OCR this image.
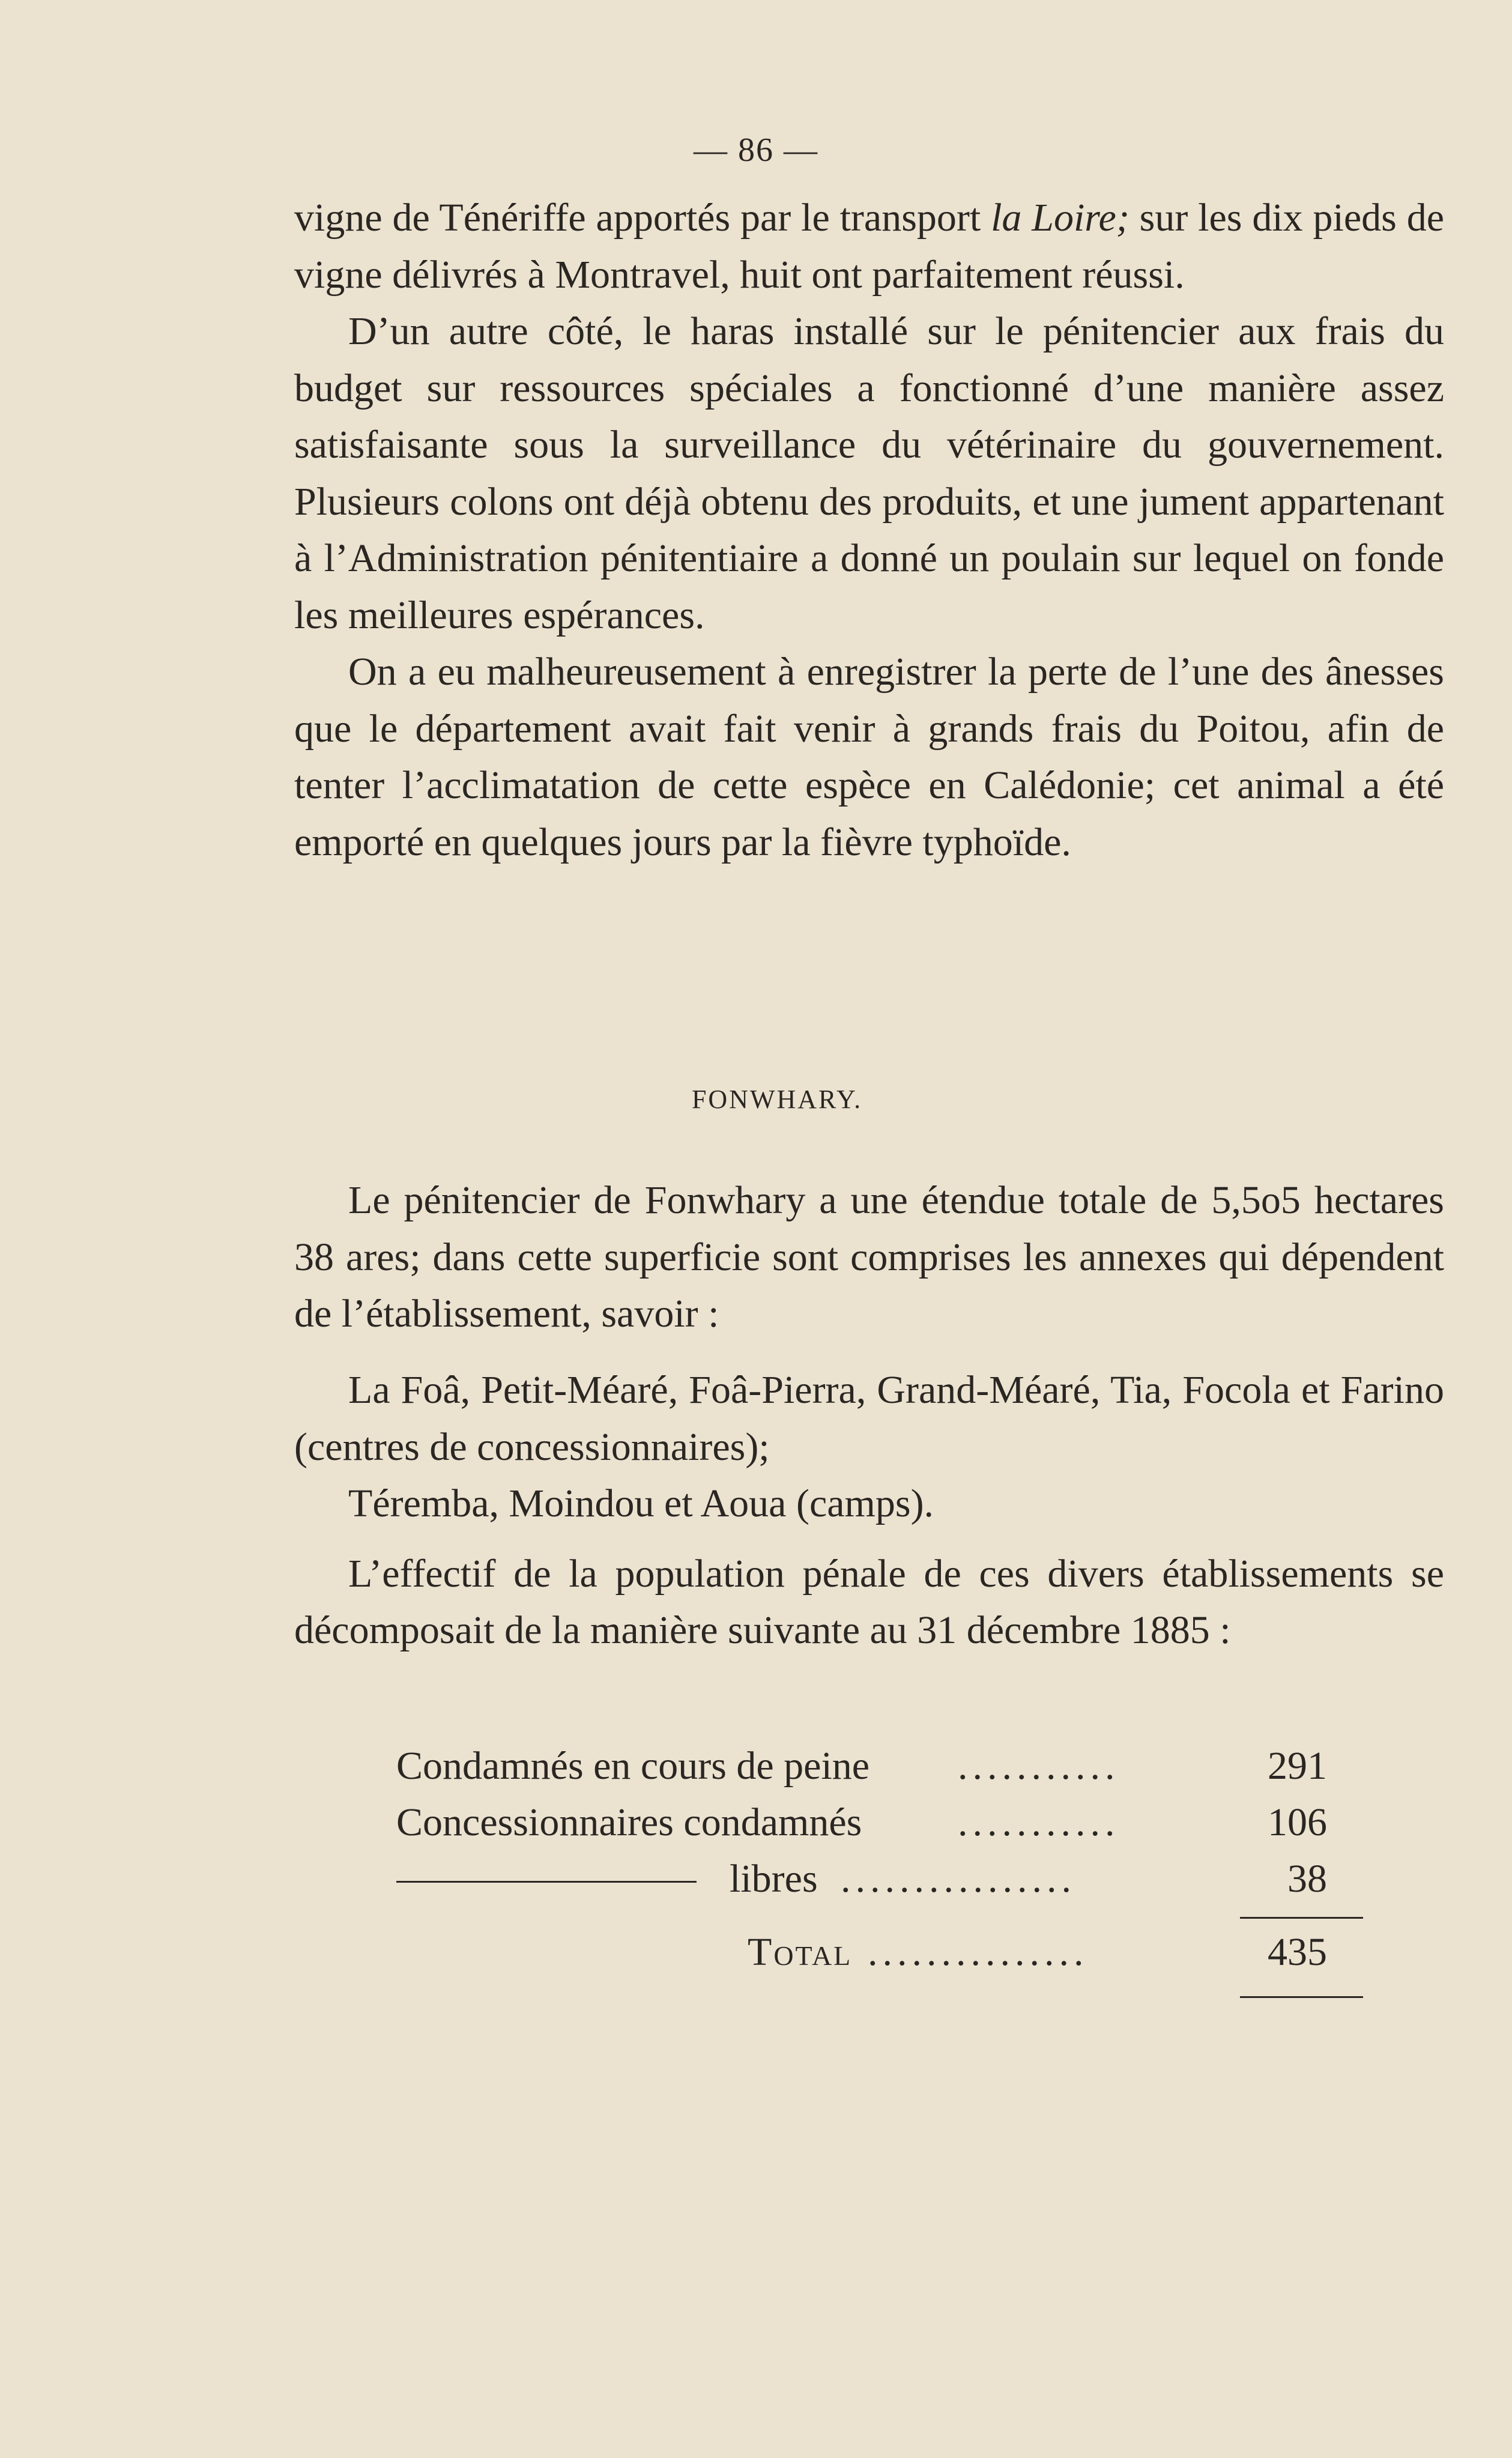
— 86 —

vigne de Ténériffe apportés par le transport la Loire; sur les dix pieds de vigne délivrés à Montravel, huit ont parfaitement réussi.

D’un autre côté, le haras installé sur le pénitencier aux frais du budget sur ressources spéciales a fonctionné d’une manière assez satisfaisante sous la surveillance du vétérinaire du gouvernement. Plusieurs colons ont déjà obtenu des produits, et une jument appartenant à l’Administration pénitentiaire a donné un poulain sur lequel on fonde les meilleures espérances.

On a eu malheureusement à enregistrer la perte de l’une des ânesses que le département avait fait venir à grands frais du Poitou, afin de tenter l’acclimatation de cette espèce en Calédonie; cet animal a été emporté en quelques jours par la fièvre typhoïde.

FONWHARY.

Le pénitencier de Fonwhary a une étendue totale de 5,5o5 hectares 38 ares; dans cette superficie sont comprises les annexes qui dépendent de l’établissement, savoir :

La Foâ, Petit-Méaré, Foâ-Pierra, Grand-Méaré, Tia, Focola et Farino (centres de concessionnaires);

Téremba, Moindou et Aoua (camps).

L’effectif de la population pénale de ces divers établissements se décomposait de la manière suivante au 31 décembre 1885 :

Condamnés en cours de peine ...........	291
Concessionnaires condamnés ...........	106
libres ................	38
Total ...............	435
